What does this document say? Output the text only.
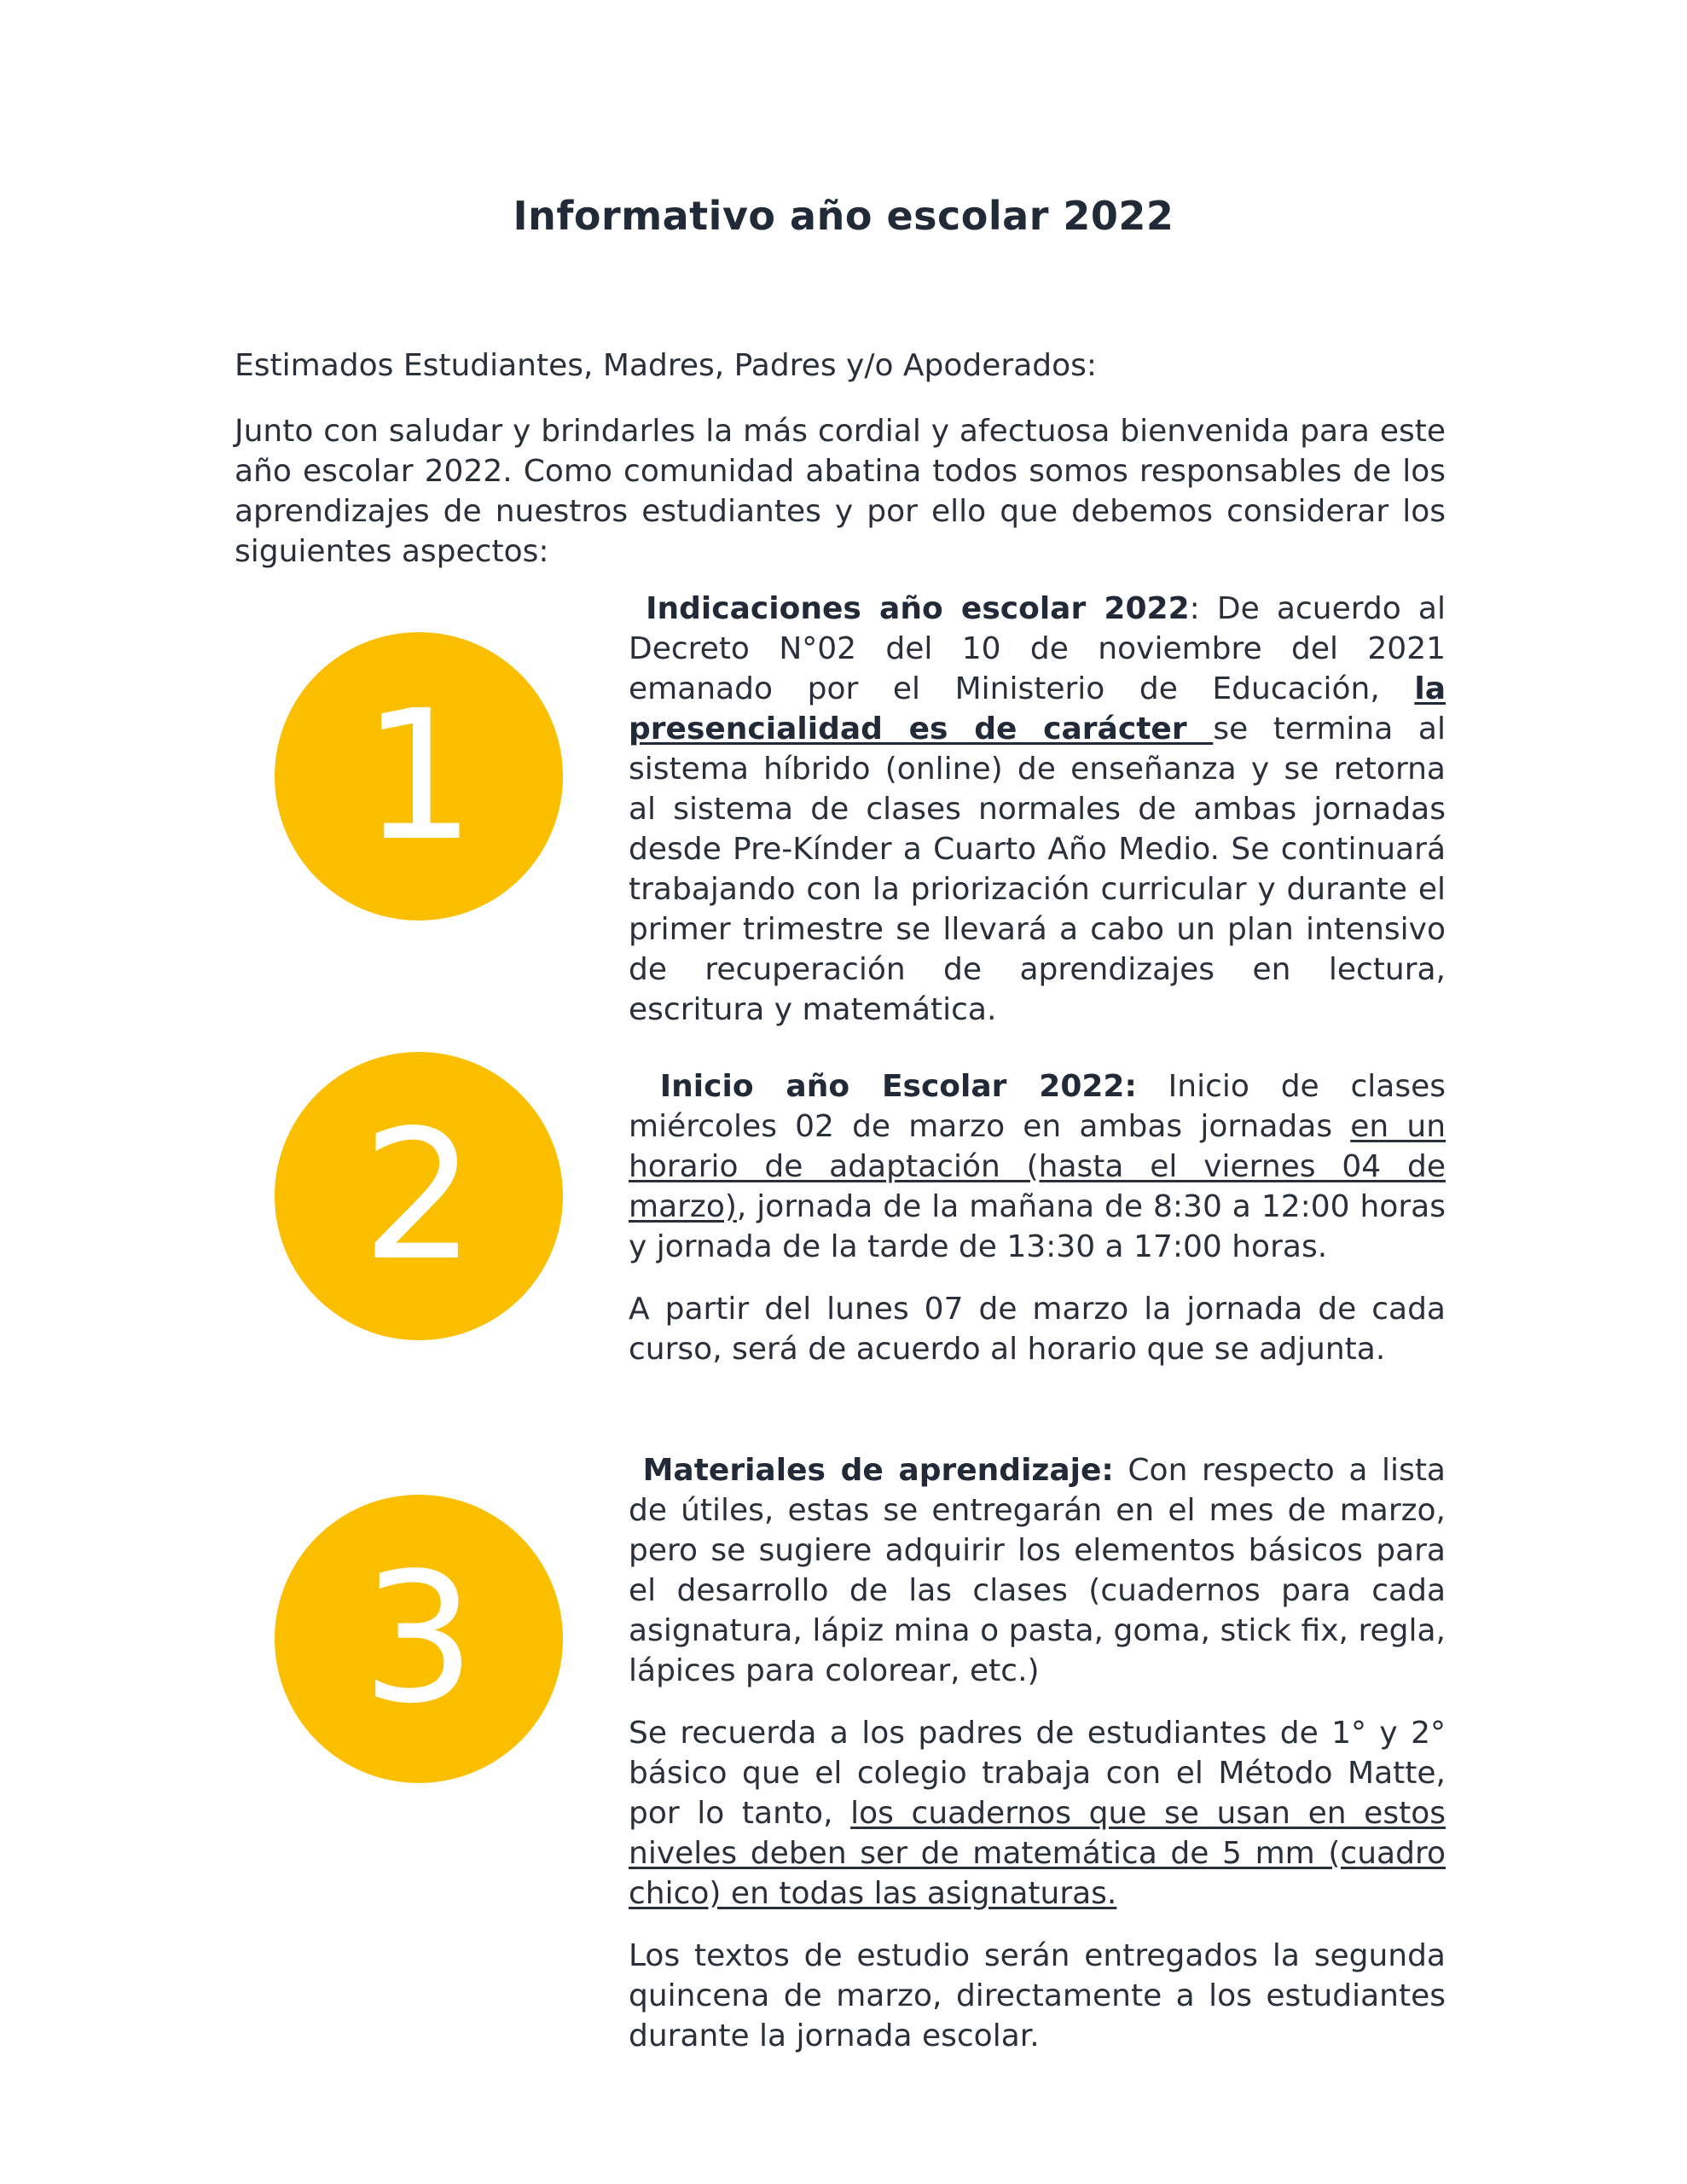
Informativo año escolar 2022
Estimados Estudiantes, Madres, Padres y/o Apoderados:
Junto con saludar y brindarles la más cordial y afectuosa bienvenida para este año escolar 2022. Como comunidad abatina todos somos responsables de los aprendizajes de nuestros estudiantes y por ello que debemos considerar los siguientes aspectos:
1

Indicaciones año escolar 2022: De acuerdo al Decreto N°02 del 10 de noviembre del 2021 emanado por el Ministerio de Educación, la presencialidad es de carácter se termina al sistema híbrido (online) de enseñanza y se retorna al sistema de clases normales de ambas jornadas desde Pre-Kínder a Cuarto Año Medio. Se continuará trabajando con la priorización curricular y durante el primer trimestre se llevará a cabo un plan intensivo de recuperación de aprendizajes en lectura, escritura y matemática.

2

Inicio año Escolar 2022: Inicio de clases miércoles 02 de marzo en ambas jornadas en un horario de adaptación (hasta el viernes 04 de marzo), jornada de la mañana de 8:30 a 12:00 horas y jornada de la tarde de 13:30 a 17:00 horas.

A partir del lunes 07 de marzo la jornada de cada curso, será de acuerdo al horario que se adjunta.

3

Materiales de aprendizaje: Con respecto a lista de útiles, estas se entregarán en el mes de marzo, pero se sugiere adquirir los elementos básicos para el desarrollo de las clases (cuadernos para cada asignatura, lápiz mina o pasta, goma, stick fix, regla, lápices para colorear, etc.)

Se recuerda a los padres de estudiantes de 1° y 2° básico que el colegio trabaja con el Método Matte, por lo tanto, los cuadernos que se usan en estos niveles deben ser de matemática de 5 mm (cuadro chico) en todas las asignaturas.

Los textos de estudio serán entregados la segunda quincena de marzo, directamente a los estudiantes durante la jornada escolar.
